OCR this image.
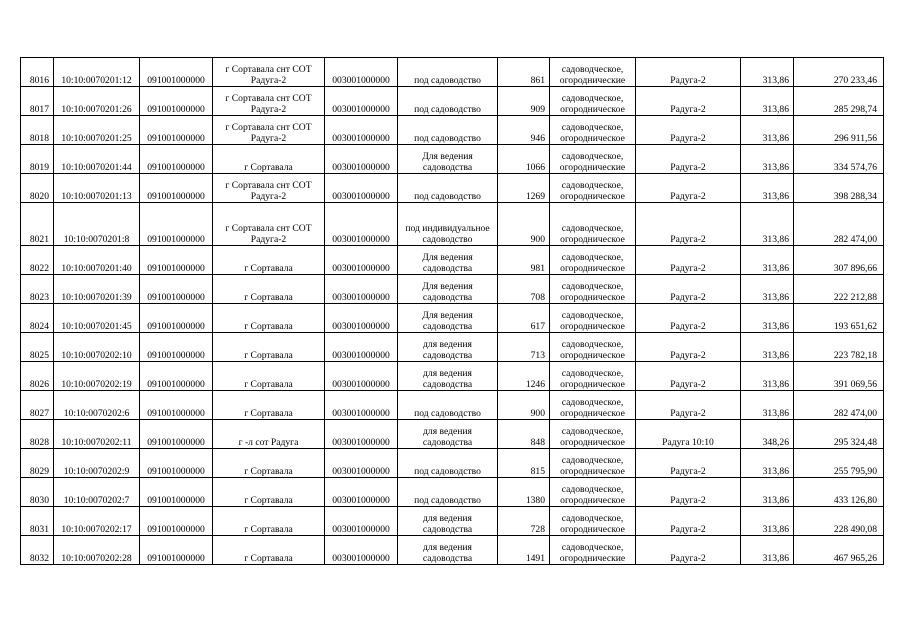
8016	10:10:0070201:12	091001000000	г Сортавала снт СОТ Радуга-2	003001000000	под садоводство	861	садоводческое, огороднические	Радуга-2	313,86	270 233,46
8017	10:10:0070201:26	091001000000	г Сортавала снт СОТ Радуга-2	003001000000	под садоводство	909	садоводческое, огородническое	Радуга-2	313,86	285 298,74
8018	10:10:0070201:25	091001000000	г Сортавала снт СОТ Радуга-2	003001000000	под садоводство	946	садоводческое, огородническое	Радуга-2	313,86	296 911,56
8019	10:10:0070201:44	091001000000	г Сортавала	003001000000	Для ведения садоводства	1066	садоводческое, огороднические	Радуга-2	313,86	334 574,76
8020	10:10:0070201:13	091001000000	г Сортавала снт СОТ Радуга-2	003001000000	под садоводство	1269	садоводческое, огородническое	Радуга-2	313,86	398 288,34
8021	10:10:0070201:8	091001000000	г Сортавала снт СОТ Радуга-2	003001000000	под индивидуальное садоводство	900	садоводческое, огородническое	Радуга-2	313,86	282 474,00
8022	10:10:0070201:40	091001000000	г Сортавала	003001000000	Для ведения садоводства	981	садоводческое, огородническое	Радуга-2	313,86	307 896,66
8023	10:10:0070201:39	091001000000	г Сортавала	003001000000	Для ведения садоводства	708	садоводческое, огородническое	Радуга-2	313,86	222 212,88
8024	10:10:0070201:45	091001000000	г Сортавала	003001000000	Для ведения садоводства	617	садоводческое, огородническое	Радуга-2	313,86	193 651,62
8025	10:10:0070202:10	091001000000	г Сортавала	003001000000	для ведения садоводства	713	садоводческое, огородническое	Радуга-2	313,86	223 782,18
8026	10:10:0070202:19	091001000000	г Сортавала	003001000000	для ведения садоводства	1246	садоводческое, огородническое	Радуга-2	313,86	391 069,56
8027	10:10:0070202:6	091001000000	г Сортавала	003001000000	под садоводство	900	садоводческое, огородническое	Радуга-2	313,86	282 474,00
8028	10:10:0070202:11	091001000000	г -л сот Радуга	003001000000	для ведения садоводства	848	садоводческое, огородническое	Радуга 10:10	348,26	295 324,48
8029	10:10:0070202:9	091001000000	г Сортавала	003001000000	под садоводство	815	садоводческое, огородническое	Радуга-2	313,86	255 795,90
8030	10:10:0070202:7	091001000000	г Сортавала	003001000000	под садоводство	1380	садоводческое, огородническое	Радуга-2	313,86	433 126,80
8031	10:10:0070202:17	091001000000	г Сортавала	003001000000	для ведения садоводства	728	садоводческое, огородническое	Радуга-2	313,86	228 490,08
8032	10:10:0070202:28	091001000000	г Сортавала	003001000000	для ведения садоводства	1491	садоводческое, огороднические	Радуга-2	313,86	467 965,26
